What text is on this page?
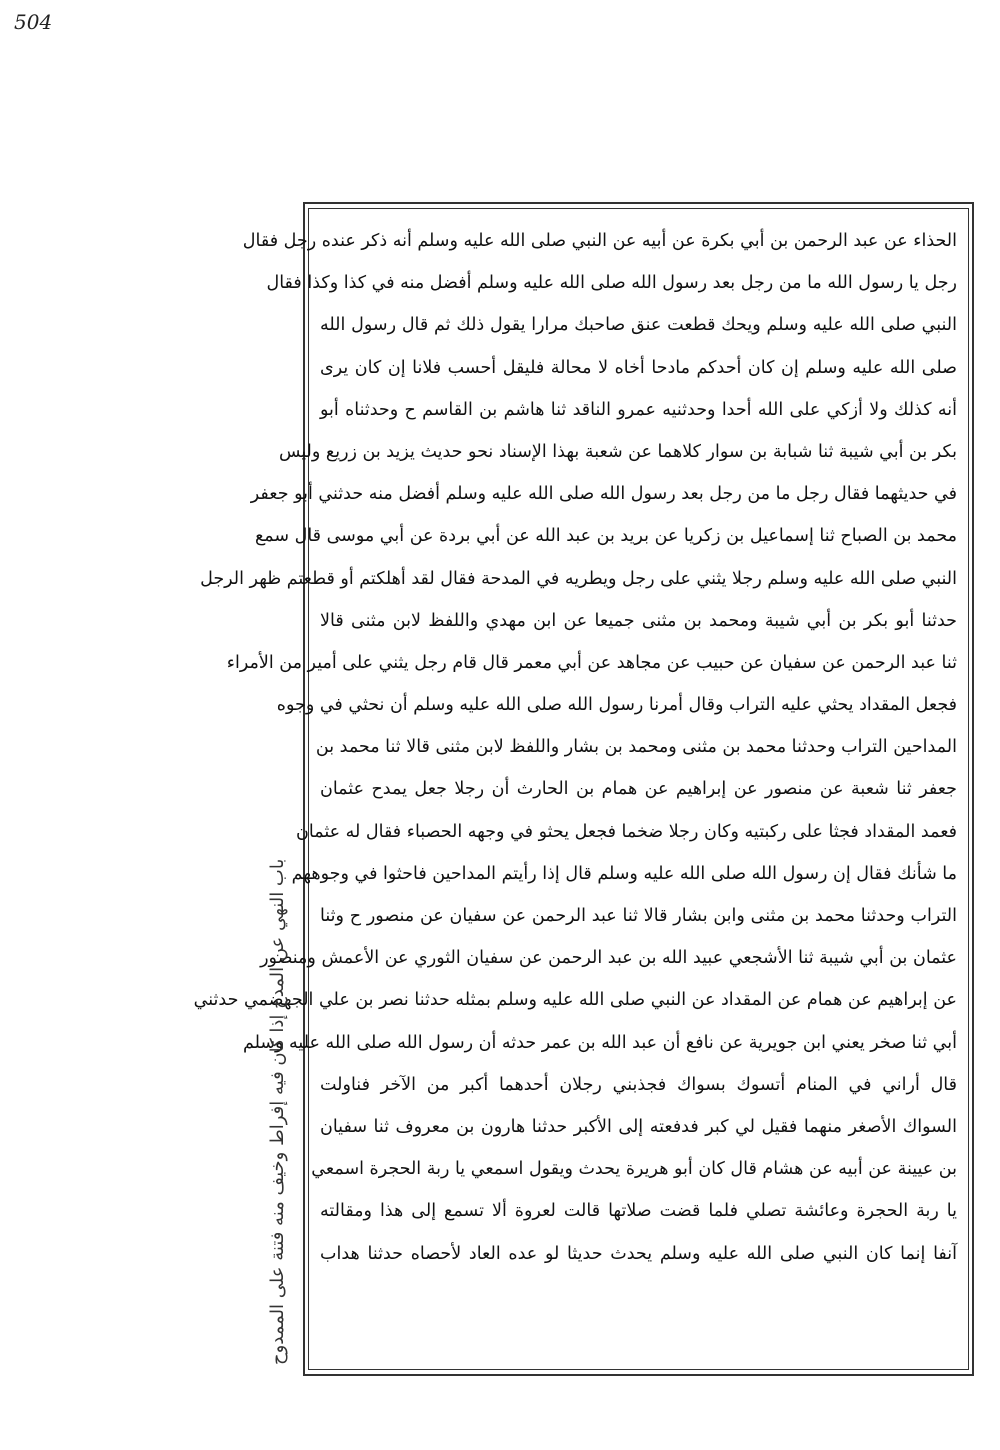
504
الحذاء عن عبد الرحمن بن أبي بكرة عن أبيه عن النبي صلى الله عليه وسلم أنه ذكر عنده رجل فقال
رجل يا رسول الله ما من رجل بعد رسول الله صلى الله عليه وسلم أفضل منه في كذا وكذا فقال
النبي صلى الله عليه وسلم ويحك قطعت عنق صاحبك مرارا يقول ذلك ثم قال رسول الله
صلى الله عليه وسلم إن كان أحدكم مادحا أخاه لا محالة فليقل أحسب فلانا إن كان يرى
أنه كذلك ولا أزكي على الله أحدا وحدثنيه عمرو الناقد ثنا هاشم بن القاسم ح وحدثناه أبو
بكر بن أبي شيبة ثنا شبابة بن سوار كلاهما عن شعبة بهذا الإسناد نحو حديث يزيد بن زريع وليس
في حديثهما فقال رجل ما من رجل بعد رسول الله صلى الله عليه وسلم أفضل منه حدثني أبو جعفر
محمد بن الصباح ثنا إسماعيل بن زكريا عن بريد بن عبد الله عن أبي بردة عن أبي موسى قال سمع
النبي صلى الله عليه وسلم رجلا يثني على رجل ويطريه في المدحة فقال لقد أهلكتم أو قطعتم ظهر الرجل
حدثنا أبو بكر بن أبي شيبة ومحمد بن مثنى جميعا عن ابن مهدي واللفظ لابن مثنى قالا
ثنا عبد الرحمن عن سفيان عن حبيب عن مجاهد عن أبي معمر قال قام رجل يثني على أمير من الأمراء
فجعل المقداد يحثي عليه التراب وقال أمرنا رسول الله صلى الله عليه وسلم أن نحثي في وجوه
المداحين التراب وحدثنا محمد بن مثنى ومحمد بن بشار واللفظ لابن مثنى قالا ثنا محمد بن
جعفر ثنا شعبة عن منصور عن إبراهيم عن همام بن الحارث أن رجلا جعل يمدح عثمان
فعمد المقداد فجثا على ركبتيه وكان رجلا ضخما فجعل يحثو في وجهه الحصباء فقال له عثمان
ما شأنك فقال إن رسول الله صلى الله عليه وسلم قال إذا رأيتم المداحين فاحثوا في وجوههم
التراب وحدثنا محمد بن مثنى وابن بشار قالا ثنا عبد الرحمن عن سفيان عن منصور ح وثنا
عثمان بن أبي شيبة ثنا الأشجعي عبيد الله بن عبد الرحمن عن سفيان الثوري عن الأعمش ومنصور
عن إبراهيم عن همام عن المقداد عن النبي صلى الله عليه وسلم بمثله حدثنا نصر بن علي الجهضمي حدثني
أبي ثنا صخر يعني ابن جويرية عن نافع أن عبد الله بن عمر حدثه أن رسول الله صلى الله عليه وسلم
قال أراني في المنام أتسوك بسواك فجذبني رجلان أحدهما أكبر من الآخر فناولت
السواك الأصغر منهما فقيل لي كبر فدفعته إلى الأكبر حدثنا هارون بن معروف ثنا سفيان
بن عيينة عن أبيه عن هشام قال كان أبو هريرة يحدث ويقول اسمعي يا ربة الحجرة اسمعي
يا ربة الحجرة وعائشة تصلي فلما قضت صلاتها قالت لعروة ألا تسمع إلى هذا ومقالته
آنفا إنما كان النبي صلى الله عليه وسلم يحدث حديثا لو عده العاد لأحصاه حدثنا هداب
باب النهي عن المدح إذا كان فيه إفراط وخيف منه فتنة على الممدوح
